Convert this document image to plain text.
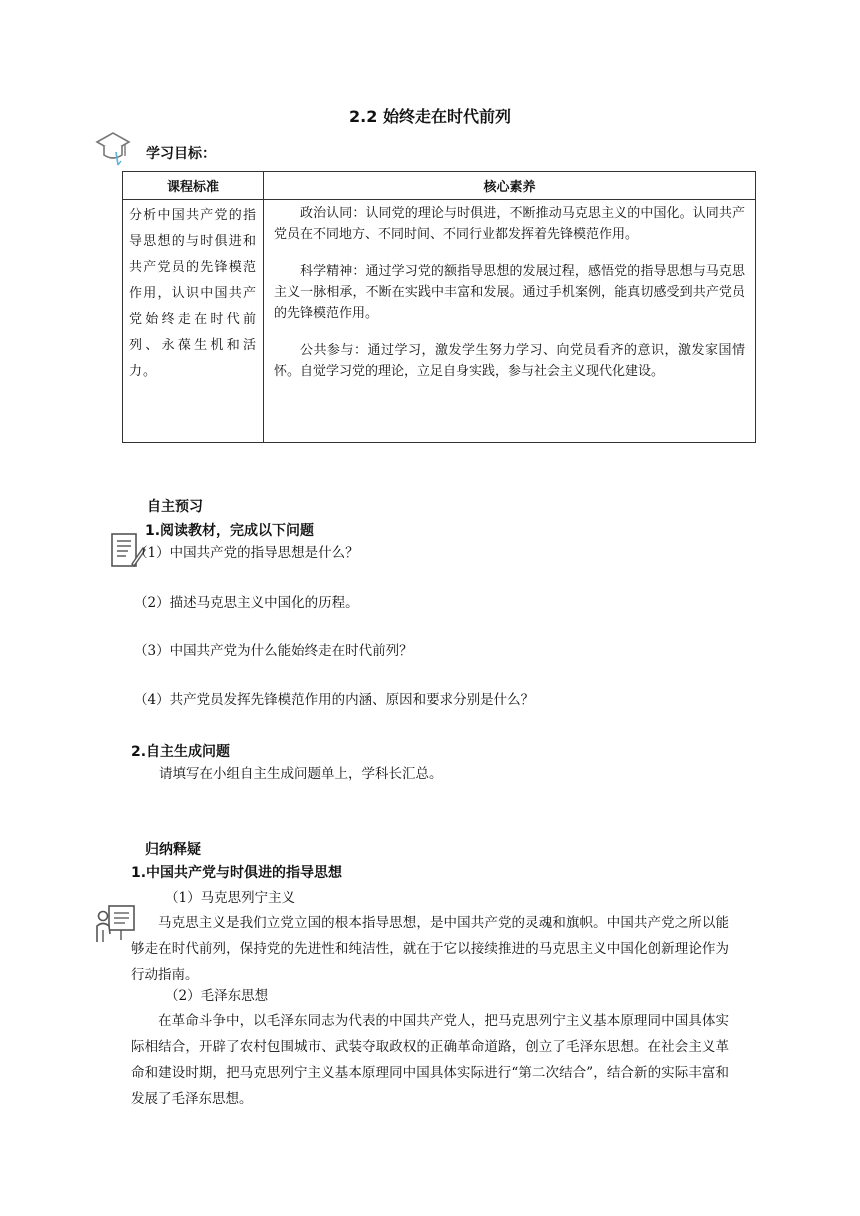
2.2 始终走在时代前列
学习目标：
课程标准	核心素养
分析中国共产党的指导思想的与时俱进和共产党员的先锋模范作用，认识中国共产党始终走在时代前列、永葆生机和活力。	政治认同：认同党的理论与时俱进，不断推动马克思主义的中国化。认同共产党员在不同地方、不同时间、不同行业都发挥着先锋模范作用。

科学精神：通过学习党的额指导思想的发展过程，感悟党的指导思想与马克思主义一脉相承，不断在实践中丰富和发展。通过手机案例，能真切感受到共产党员的先锋模范作用。

公共参与：通过学习，激发学生努力学习、向党员看齐的意识，激发家国情怀。自觉学习党的理论，立足自身实践，参与社会主义现代化建设。

自主预习
1.阅读教材，完成以下问题
（1）中国共产党的指导思想是什么？
（2）描述马克思主义中国化的历程。
（3）中国共产党为什么能始终走在时代前列？
（4）共产党员发挥先锋模范作用的内涵、原因和要求分别是什么？
2.自主生成问题
请填写在小组自主生成问题单上，学科长汇总。
归纳释疑
1.中国共产党与时俱进的指导思想
（1）马克思列宁主义
马克思主义是我们立党立国的根本指导思想，是中国共产党的灵魂和旗帜。中国共产党之所以能够走在时代前列，保持党的先进性和纯洁性，就在于它以接续推进的马克思主义中国化创新理论作为行动指南。
（2）毛泽东思想
在革命斗争中，以毛泽东同志为代表的中国共产党人，把马克思列宁主义基本原理同中国具体实际相结合，开辟了农村包围城市、武装夺取政权的正确革命道路，创立了毛泽东思想。在社会主义革命和建设时期，把马克思列宁主义基本原理同中国具体实际进行“第二次结合”，结合新的实际丰富和发展了毛泽东思想。
